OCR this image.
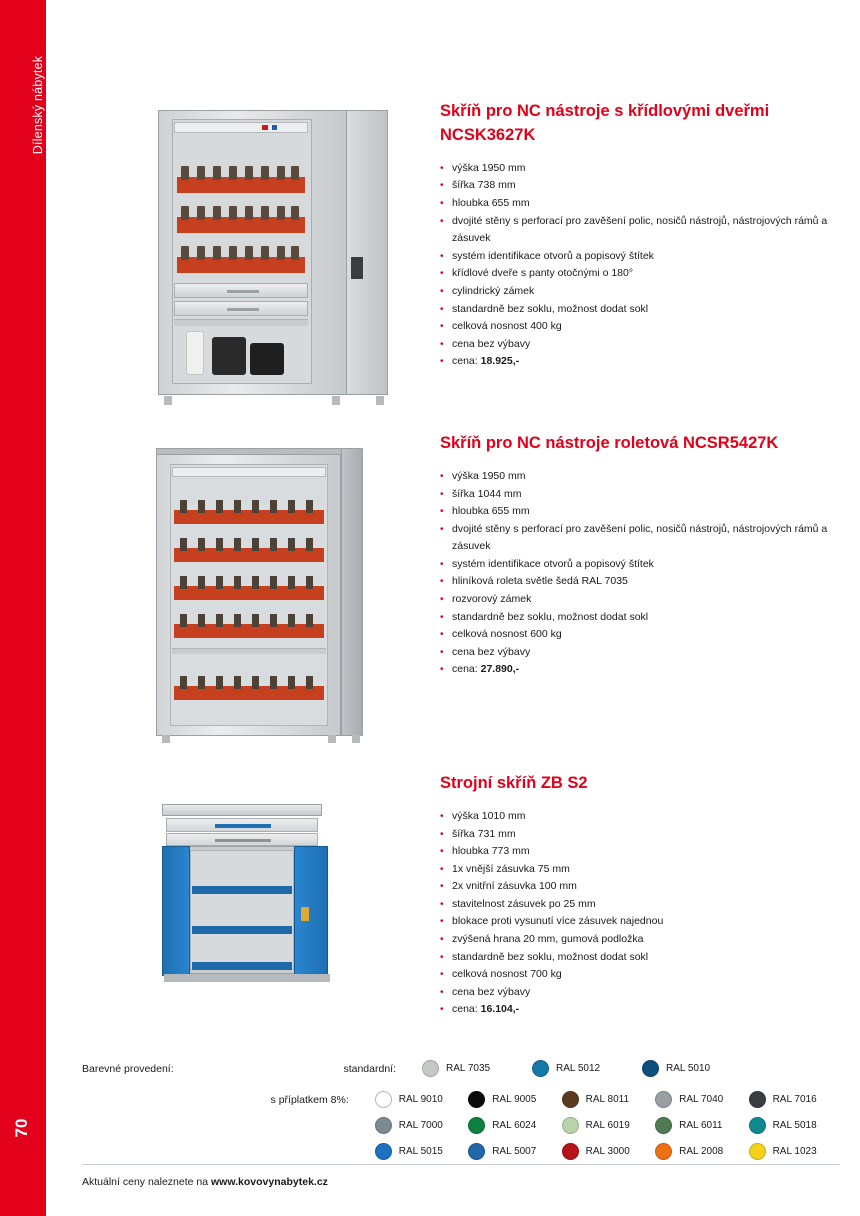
Dílenský nábytek
70
Skříň pro NC nástroje s křídlovými dveřmi NCSK3627K
• výška 1950 mm
• šířka 738 mm
• hloubka 655 mm
• dvojité stěny s perforací pro zavěšení polic, nosičů nástrojů, nástrojových rámů a zásuvek
• systém identifikace otvorů a popisový štítek
• křídlové dveře s panty otočnými o 180°
• cylindrický zámek
• standardně bez soklu, možnost dodat sokl
• celková nosnost 400 kg
• cena bez výbavy
• cena: 18.925,-
Skříň pro NC nástroje roletová NCSR5427K
• výška 1950 mm
• šířka 1044 mm
• hloubka 655 mm
• dvojité stěny s perforací pro zavěšení polic, nosičů nástrojů, nástrojových rámů a zásuvek
• systém identifikace otvorů a popisový štítek
• hliníková roleta světle šedá RAL 7035
• rozvorový zámek
• standardně bez soklu, možnost dodat sokl
• celková nosnost 600 kg
• cena bez výbavy
• cena: 27.890,-
Strojní skříň ZB S2
• výška 1010 mm
• šířka 731 mm
• hloubka 773 mm
• 1x vnější zásuvka 75 mm
• 2x vnitřní zásuvka 100 mm
• stavitelnost zásuvek po 25 mm
• blokace proti vysunutí více zásuvek najednou
• zvýšená hrana 20 mm, gumová podložka
• standardně bez soklu, možnost dodat sokl
• celková nosnost 700 kg
• cena bez výbavy
• cena: 16.104,-
Barevné provedení:	standardní:	RAL 7035	RAL 5012	RAL 5010
s příplatkem 8%:	RAL 9010	RAL 9005	RAL 8011	RAL 7040	RAL 7016
RAL 7000	RAL 6024	RAL 6019	RAL 6011	RAL 5018
RAL 5015	RAL 5007	RAL 3000	RAL 2008	RAL 1023
Aktuální ceny naleznete na www.kovovynabytek.cz
